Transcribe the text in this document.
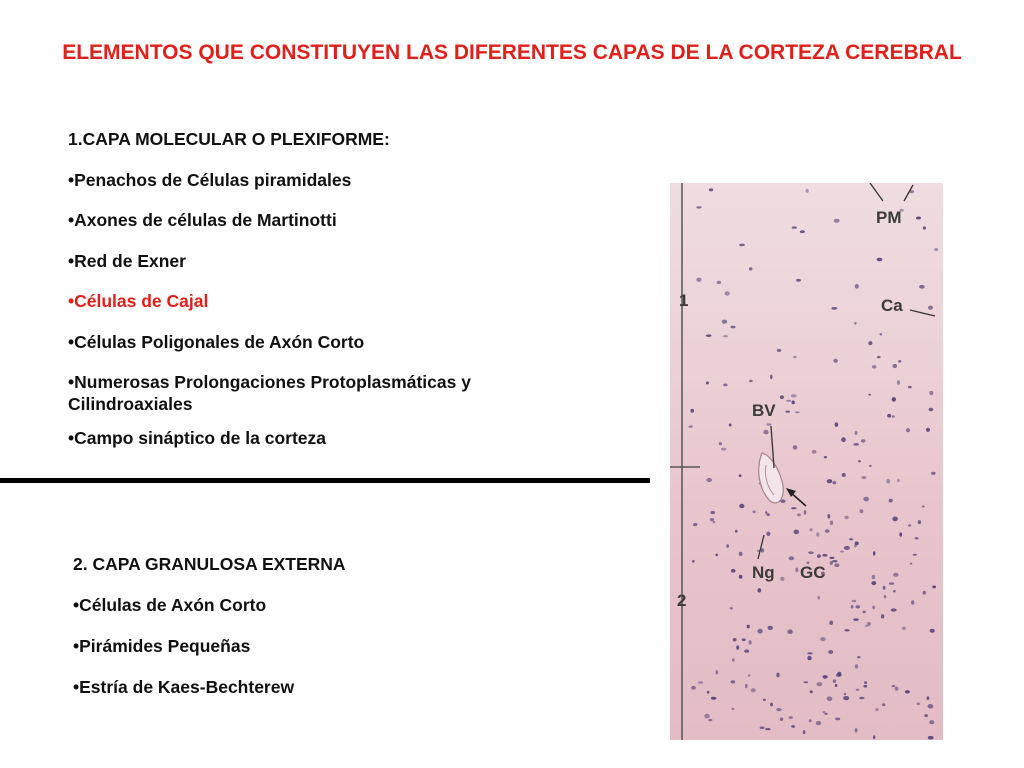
ELEMENTOS QUE CONSTITUYEN LAS DIFERENTES CAPAS DE LA CORTEZA CEREBRAL

1.CAPA MOLECULAR O PLEXIFORME:

•Penachos de Células piramidales

•Axones de células de Martinotti

•Red de Exner

•Células de Cajal

•Células Poligonales de Axón Corto

•Numerosas Prolongaciones Protoplasmáticas y Cilindroaxiales

•Campo sináptico de la corteza

2. CAPA GRANULOSA EXTERNA

•Células de Axón Corto

•Pirámides Pequeñas

•Estría de Kaes-Bechterew

PM
Ca
1
BV
Ng GC
2
